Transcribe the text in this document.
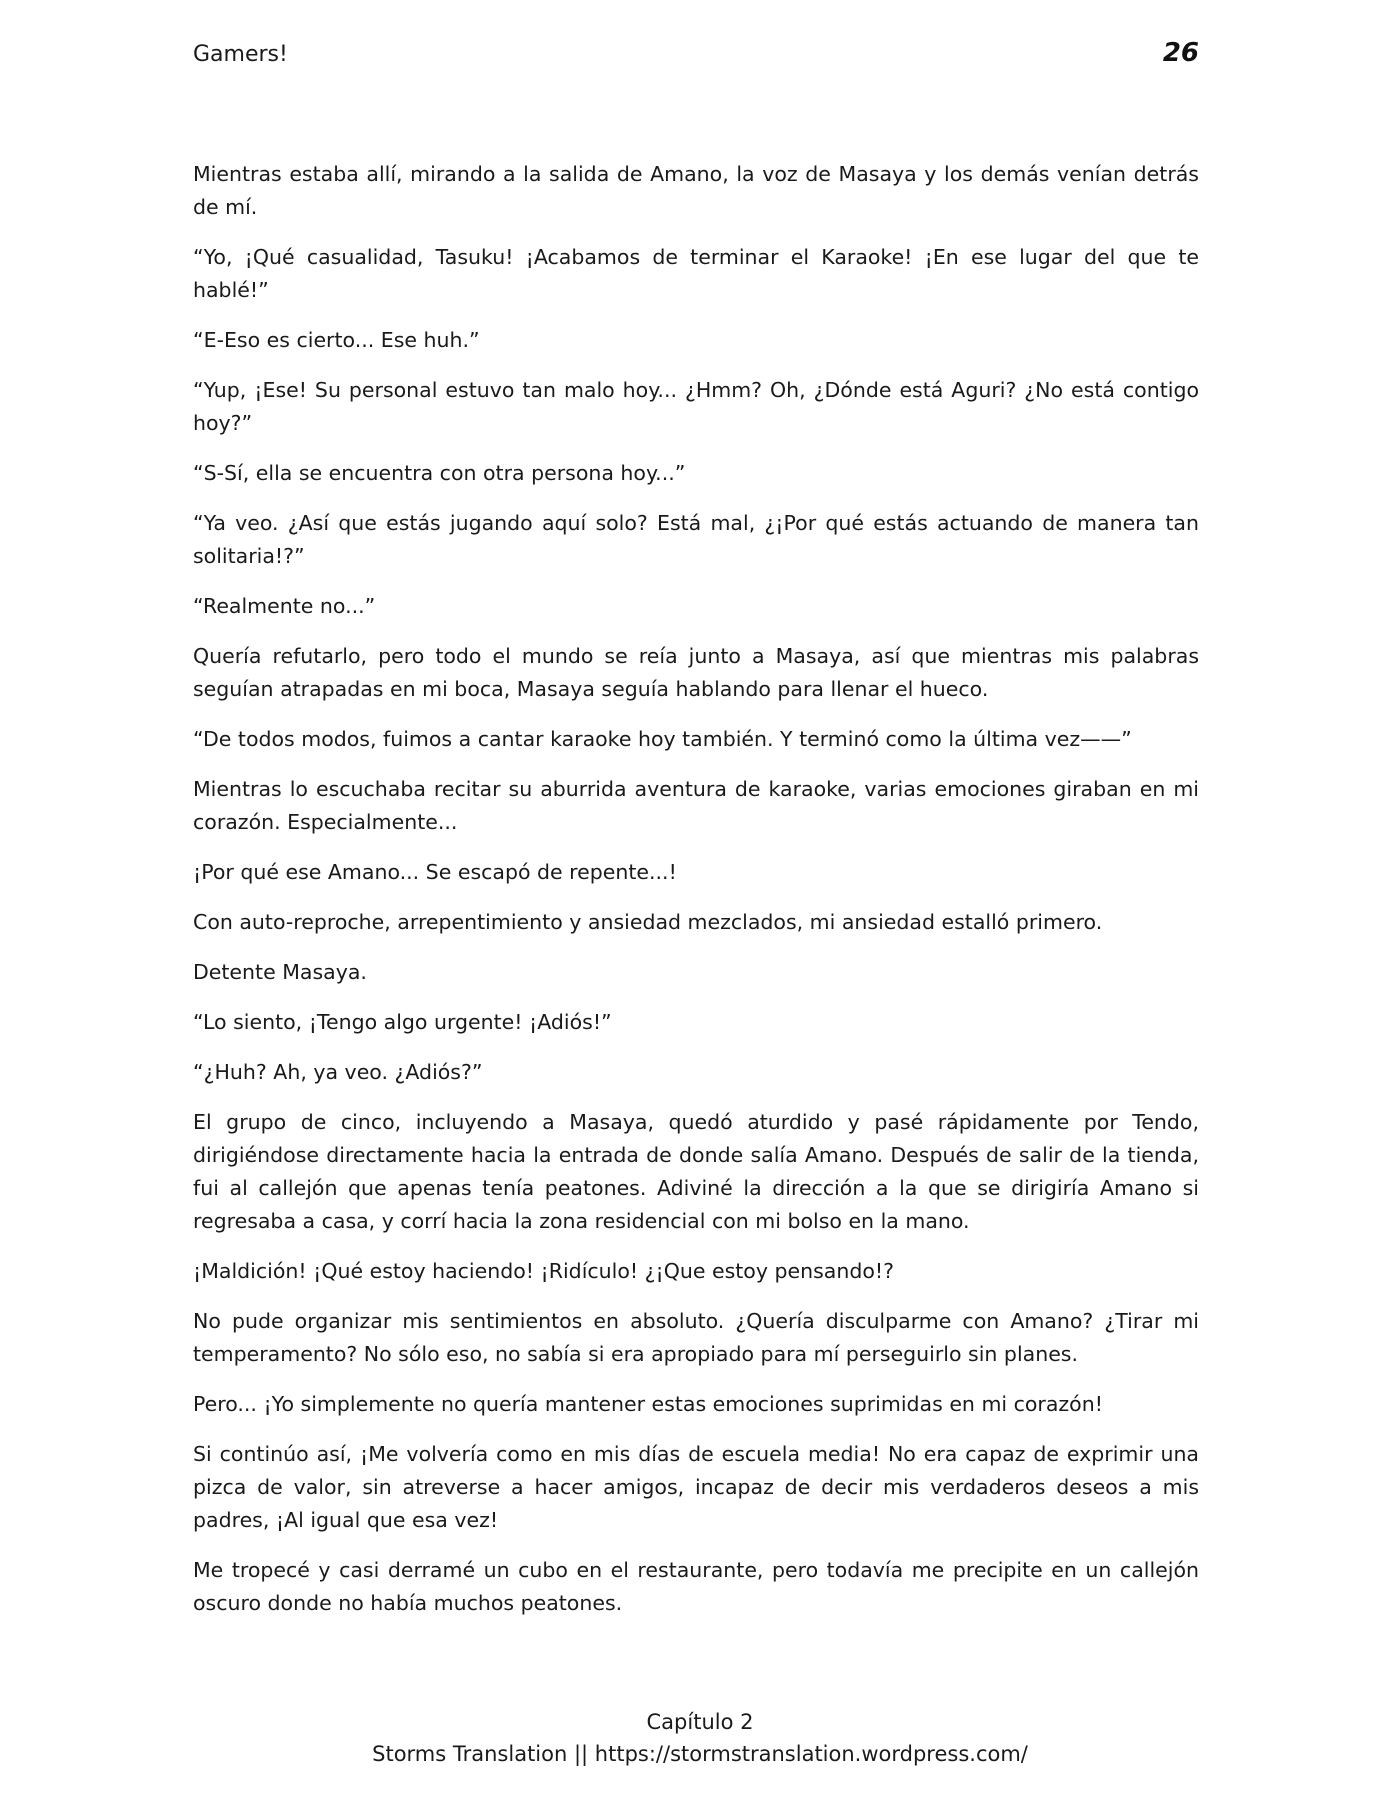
Gamers!	26

Mientras estaba allí, mirando a la salida de Amano, la voz de Masaya y los demás venían detrás de mí.

“Yo, ¡Qué casualidad, Tasuku! ¡Acabamos de terminar el Karaoke! ¡En ese lugar del que te hablé!”

“E-Eso es cierto... Ese huh.”

“Yup, ¡Ese! Su personal estuvo tan malo hoy... ¿Hmm? Oh, ¿Dónde está Aguri? ¿No está contigo hoy?”

“S-Sí, ella se encuentra con otra persona hoy...”

“Ya veo. ¿Así que estás jugando aquí solo? Está mal, ¿¡Por qué estás actuando de manera tan solitaria!?”

“Realmente no...”

Quería refutarlo, pero todo el mundo se reía junto a Masaya, así que mientras mis palabras seguían atrapadas en mi boca, Masaya seguía hablando para llenar el hueco.

“De todos modos, fuimos a cantar karaoke hoy también. Y terminó como la última vez——”

Mientras lo escuchaba recitar su aburrida aventura de karaoke, varias emociones giraban en mi corazón. Especialmente...

¡Por qué ese Amano... Se escapó de repente...!

Con auto-reproche, arrepentimiento y ansiedad mezclados, mi ansiedad estalló primero.

Detente Masaya.

“Lo siento, ¡Tengo algo urgente! ¡Adiós!”

“¿Huh? Ah, ya veo. ¿Adiós?”

El grupo de cinco, incluyendo a Masaya, quedó aturdido y pasé rápidamente por Tendo, dirigiéndose directamente hacia la entrada de donde salía Amano. Después de salir de la tienda, fui al callejón que apenas tenía peatones. Adiviné la dirección a la que se dirigiría Amano si regresaba a casa, y corrí hacia la zona residencial con mi bolso en la mano.

¡Maldición! ¡Qué estoy haciendo! ¡Ridículo! ¿¡Que estoy pensando!?

No pude organizar mis sentimientos en absoluto. ¿Quería disculparme con Amano? ¿Tirar mi temperamento? No sólo eso, no sabía si era apropiado para mí perseguirlo sin planes.

Pero... ¡Yo simplemente no quería mantener estas emociones suprimidas en mi corazón!

Si continúo así, ¡Me volvería como en mis días de escuela media! No era capaz de exprimir una pizca de valor, sin atreverse a hacer amigos, incapaz de decir mis verdaderos deseos a mis padres, ¡Al igual que esa vez!

Me tropecé y casi derramé un cubo en el restaurante, pero todavía me precipite en un callejón oscuro donde no había muchos peatones.

Capítulo 2
Storms Translation || https://stormstranslation.wordpress.com/
